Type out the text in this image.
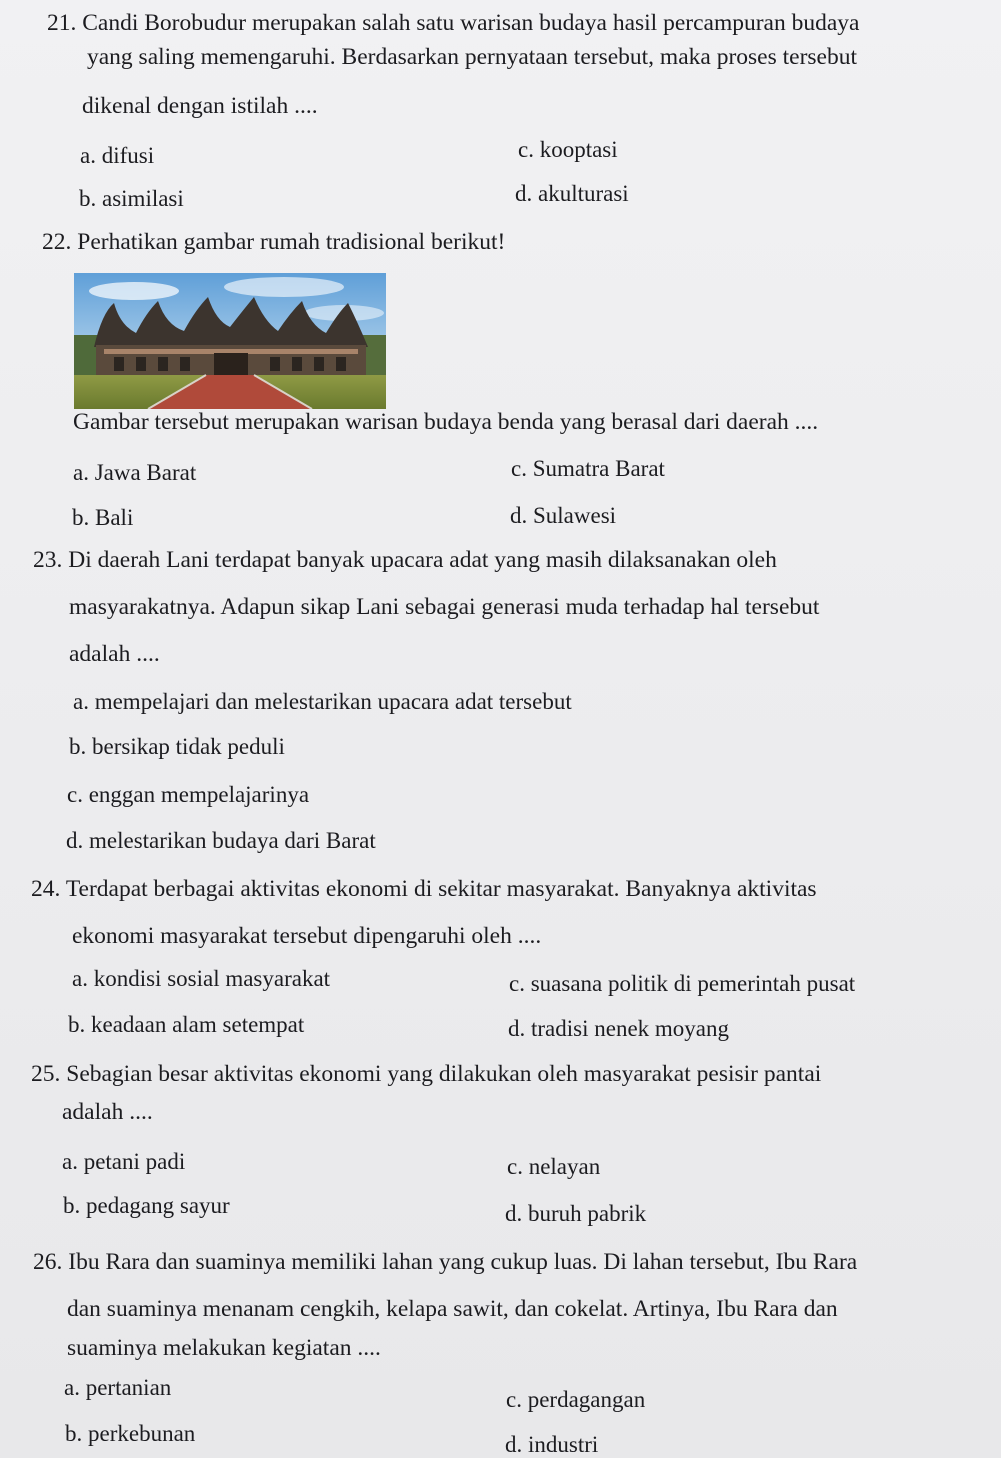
21. Candi Borobudur merupakan salah satu warisan budaya hasil percampuran budaya
yang saling memengaruhi. Berdasarkan pernyataan tersebut, maka proses tersebut
dikenal dengan istilah ....
a. difusi	c. kooptasi
b. asimilasi	d. akulturasi
22. Perhatikan gambar rumah tradisional berikut!
Gambar tersebut merupakan warisan budaya benda yang berasal dari daerah ....
a. Jawa Barat	c. Sumatra Barat
b. Bali	d. Sulawesi
23. Di daerah Lani terdapat banyak upacara adat yang masih dilaksanakan oleh
masyarakatnya. Adapun sikap Lani sebagai generasi muda terhadap hal tersebut
adalah ....
a. mempelajari dan melestarikan upacara adat tersebut
b. bersikap tidak peduli
c. enggan mempelajarinya
d. melestarikan budaya dari Barat
24. Terdapat berbagai aktivitas ekonomi di sekitar masyarakat. Banyaknya aktivitas
ekonomi masyarakat tersebut dipengaruhi oleh ....
a. kondisi sosial masyarakat	c. suasana politik di pemerintah pusat
b. keadaan alam setempat	d. tradisi nenek moyang
25. Sebagian besar aktivitas ekonomi yang dilakukan oleh masyarakat pesisir pantai
adalah ....
a. petani padi	c. nelayan
b. pedagang sayur	d. buruh pabrik
26. Ibu Rara dan suaminya memiliki lahan yang cukup luas. Di lahan tersebut, Ibu Rara
dan suaminya menanam cengkih, kelapa sawit, dan cokelat. Artinya, Ibu Rara dan
suaminya melakukan kegiatan ....
a. pertanian	c. perdagangan
b. perkebunan	d. industri
